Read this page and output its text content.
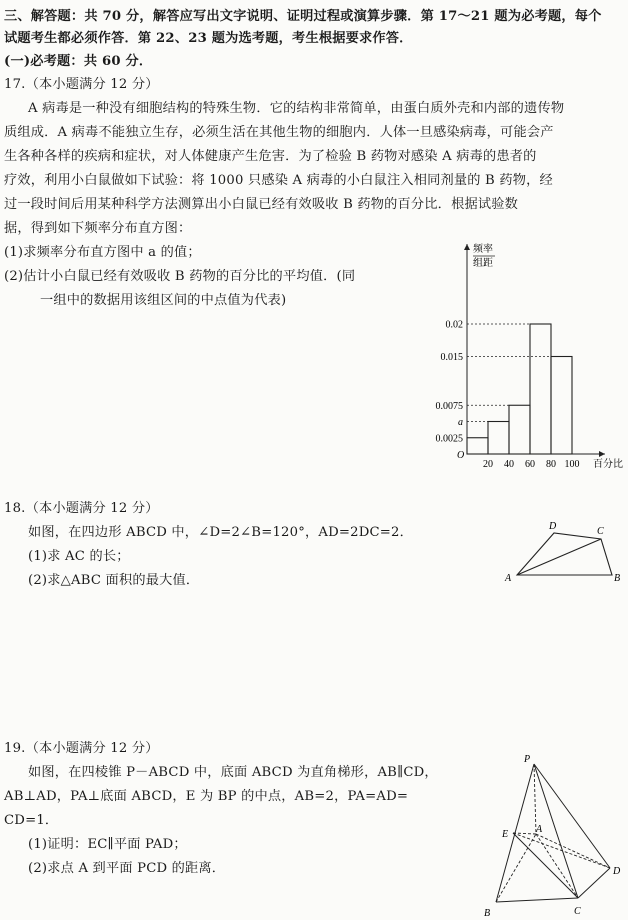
三、解答题：共 70 分，解答应写出文字说明、证明过程或演算步骤．第 17～21 题为必考题，每个
试题考生都必须作答．第 22、23 题为选考题，考生根据要求作答．
(一)必考题：共 60 分．
17.（本小题满分 12 分）
A 病毒是一种没有细胞结构的特殊生物．它的结构非常简单，由蛋白质外壳和内部的遗传物
质组成．A 病毒不能独立生存，必须生活在其他生物的细胞内．人体一旦感染病毒，可能会产
生各种各样的疾病和症状，对人体健康产生危害．为了检验 B 药物对感染 A 病毒的患者的
疗效，利用小白鼠做如下试验：将 1000 只感染 A 病毒的小白鼠注入相同剂量的 B 药物，经
过一段时间后用某种科学方法测算出小白鼠已经有效吸收 B 药物的百分比．根据试验数
据，得到如下频率分布直方图：
(1)求频率分布直方图中 a 的值；
(2)估计小白鼠已经有效吸收 B 药物的百分比的平均值．(同
一组中的数据用该组区间的中点值为代表)
频率
组距
O
百分比
0.0025
a
0.0075
0.015
0.02
20 40 60 80 100
18.（本小题满分 12 分）
如图，在四边形 ABCD 中，∠D=2∠B=120°，AD=2DC=2．
(1)求 AC 的长；
(2)求△ABC 面积的最大值．	A	B
C
D
19.（本小题满分 12 分）
如图，在四棱锥 P－ABCD 中，底面 ABCD 为直角梯形，AB∥CD，
AB⊥AD，PA⊥底面 ABCD，E 为 BP 的中点，AB=2，PA=AD=
CD=1．
(1)证明：EC∥平面 PAD；
(2)求点 A 到平面 PCD 的距离．
P
A
B	C
D
E
